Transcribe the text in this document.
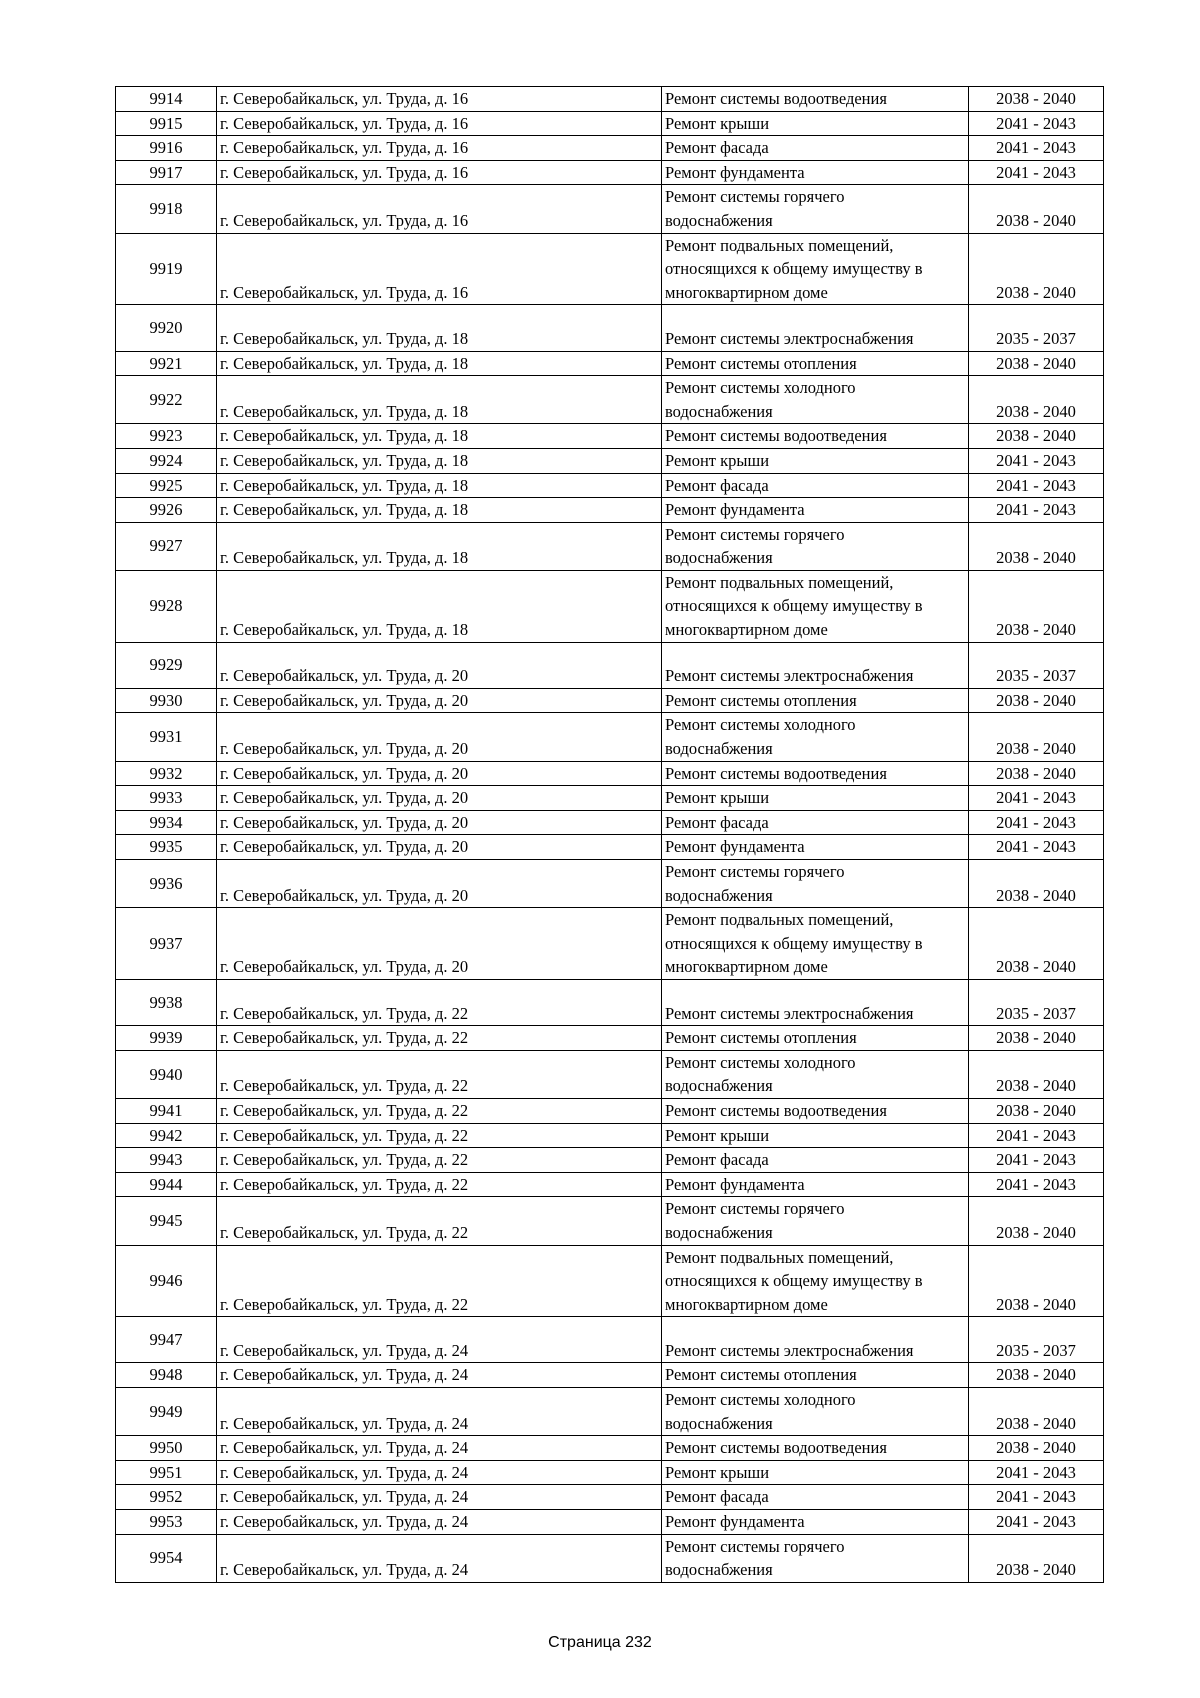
9914	г. Северобайкальск, ул. Труда, д. 16	Ремонт системы водоотведения	2038 - 2040
9915	г. Северобайкальск, ул. Труда, д. 16	Ремонт крыши	2041 - 2043
9916	г. Северобайкальск, ул. Труда, д. 16	Ремонт фасада	2041 - 2043
9917	г. Северобайкальск, ул. Труда, д. 16	Ремонт фундамента	2041 - 2043
9918	г. Северобайкальск, ул. Труда, д. 16	Ремонт системы горячего
водоснабжения	2038 - 2040
9919	г. Северобайкальск, ул. Труда, д. 16	Ремонт подвальных помещений,
относящихся к общему имуществу в
многоквартирном доме	2038 - 2040
9920	г. Северобайкальск, ул. Труда, д. 18	Ремонт системы электроснабжения	2035 - 2037
9921	г. Северобайкальск, ул. Труда, д. 18	Ремонт системы отопления	2038 - 2040
9922	г. Северобайкальск, ул. Труда, д. 18	Ремонт системы холодного
водоснабжения	2038 - 2040
9923	г. Северобайкальск, ул. Труда, д. 18	Ремонт системы водоотведения	2038 - 2040
9924	г. Северобайкальск, ул. Труда, д. 18	Ремонт крыши	2041 - 2043
9925	г. Северобайкальск, ул. Труда, д. 18	Ремонт фасада	2041 - 2043
9926	г. Северобайкальск, ул. Труда, д. 18	Ремонт фундамента	2041 - 2043
9927	г. Северобайкальск, ул. Труда, д. 18	Ремонт системы горячего
водоснабжения	2038 - 2040
9928	г. Северобайкальск, ул. Труда, д. 18	Ремонт подвальных помещений,
относящихся к общему имуществу в
многоквартирном доме	2038 - 2040
9929	г. Северобайкальск, ул. Труда, д. 20	Ремонт системы электроснабжения	2035 - 2037
9930	г. Северобайкальск, ул. Труда, д. 20	Ремонт системы отопления	2038 - 2040
9931	г. Северобайкальск, ул. Труда, д. 20	Ремонт системы холодного
водоснабжения	2038 - 2040
9932	г. Северобайкальск, ул. Труда, д. 20	Ремонт системы водоотведения	2038 - 2040
9933	г. Северобайкальск, ул. Труда, д. 20	Ремонт крыши	2041 - 2043
9934	г. Северобайкальск, ул. Труда, д. 20	Ремонт фасада	2041 - 2043
9935	г. Северобайкальск, ул. Труда, д. 20	Ремонт фундамента	2041 - 2043
9936	г. Северобайкальск, ул. Труда, д. 20	Ремонт системы горячего
водоснабжения	2038 - 2040
9937	г. Северобайкальск, ул. Труда, д. 20	Ремонт подвальных помещений,
относящихся к общему имуществу в
многоквартирном доме	2038 - 2040
9938	г. Северобайкальск, ул. Труда, д. 22	Ремонт системы электроснабжения	2035 - 2037
9939	г. Северобайкальск, ул. Труда, д. 22	Ремонт системы отопления	2038 - 2040
9940	г. Северобайкальск, ул. Труда, д. 22	Ремонт системы холодного
водоснабжения	2038 - 2040
9941	г. Северобайкальск, ул. Труда, д. 22	Ремонт системы водоотведения	2038 - 2040
9942	г. Северобайкальск, ул. Труда, д. 22	Ремонт крыши	2041 - 2043
9943	г. Северобайкальск, ул. Труда, д. 22	Ремонт фасада	2041 - 2043
9944	г. Северобайкальск, ул. Труда, д. 22	Ремонт фундамента	2041 - 2043
9945	г. Северобайкальск, ул. Труда, д. 22	Ремонт системы горячего
водоснабжения	2038 - 2040
9946	г. Северобайкальск, ул. Труда, д. 22	Ремонт подвальных помещений,
относящихся к общему имуществу в
многоквартирном доме	2038 - 2040
9947	г. Северобайкальск, ул. Труда, д. 24	Ремонт системы электроснабжения	2035 - 2037
9948	г. Северобайкальск, ул. Труда, д. 24	Ремонт системы отопления	2038 - 2040
9949	г. Северобайкальск, ул. Труда, д. 24	Ремонт системы холодного
водоснабжения	2038 - 2040
9950	г. Северобайкальск, ул. Труда, д. 24	Ремонт системы водоотведения	2038 - 2040
9951	г. Северобайкальск, ул. Труда, д. 24	Ремонт крыши	2041 - 2043
9952	г. Северобайкальск, ул. Труда, д. 24	Ремонт фасада	2041 - 2043
9953	г. Северобайкальск, ул. Труда, д. 24	Ремонт фундамента	2041 - 2043
9954	г. Северобайкальск, ул. Труда, д. 24	Ремонт системы горячего
водоснабжения	2038 - 2040
Страница 232
